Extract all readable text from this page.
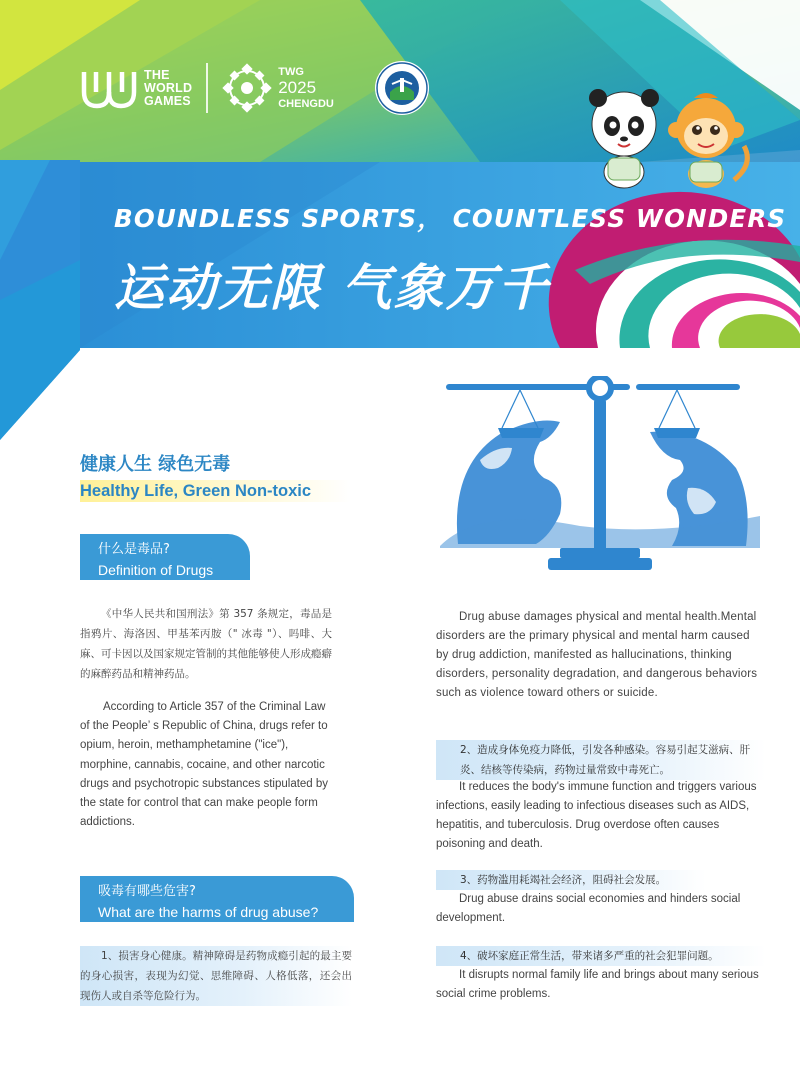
THE
WORLD
GAMES
TWG
2025
CHENGDU
BOUNDLESS SPORTS， COUNTLESS WONDERS
运动无限 气象万千
健康人生 绿色无毒
Healthy Life, Green Non-toxic
什么是毒品?
Definition of Drugs
《中华人民共和国刑法》第 357 条规定，毒品是指鸦片、海洛因、甲基苯丙胺（" 冰毒 "）、吗啡、大麻、可卡因以及国家规定管制的其他能够使人形成瘾癖的麻醉药品和精神药品。
According to Article 357 of the Criminal Law of the People’ s Republic of China, drugs refer to opium, heroin, methamphetamine ("ice"), morphine, cannabis, cocaine, and other narcotic drugs and psychotropic substances stipulated by the state for control that can make people form addictions.
吸毒有哪些危害?
What are the harms of drug abuse?
1、损害身心健康。精神障碍是药物成瘾引起的最主要的身心损害，表现为幻觉、思维障碍、人格低落，还会出现伤人或自杀等危险行为。
Drug abuse damages physical and mental health.Mental disorders are the primary physical and mental harm caused by drug addiction, manifested as hallucinations, thinking disorders, personality degradation, and dangerous behaviors such as violence toward others or suicide.
2、造成身体免疫力降低，引发各种感染。容易引起艾滋病、肝炎、结核等传染病，药物过量常致中毒死亡。
It reduces the body's immune function and triggers various infections, easily leading to infectious diseases such as AIDS, hepatitis, and tuberculosis. Drug overdose often causes poisoning and death.
3、药物滥用耗竭社会经济，阻碍社会发展。
Drug abuse drains social economies and hinders social development.
4、破坏家庭正常生活，带来诸多严重的社会犯罪问题。
It disrupts normal family life and brings about many serious social crime problems.
